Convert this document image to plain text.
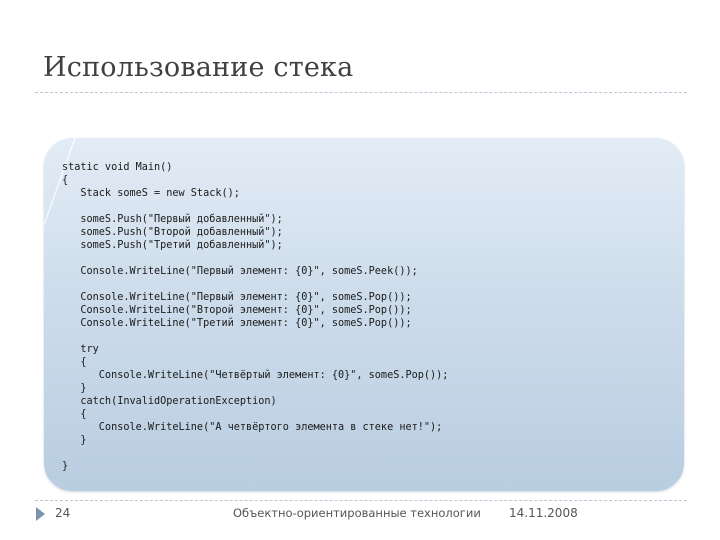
Использование стека
static void Main()
{
Stack someS = new Stack();

someS.Push("Первый добавленный");
someS.Push("Второй добавленный");
someS.Push("Третий добавленный");

Console.WriteLine("Первый элемент: {0}", someS.Peek());

Console.WriteLine("Первый элемент: {0}", someS.Pop());
Console.WriteLine("Второй элемент: {0}", someS.Pop());
Console.WriteLine("Третий элемент: {0}", someS.Pop());

try
{
Console.WriteLine("Четвёртый элемент: {0}", someS.Pop());
}
catch(InvalidOperationException)
{
Console.WriteLine("А четвёртого элемента в стеке нет!");
}

}
24	Объектно-ориентированные технологии	14.11.2008
